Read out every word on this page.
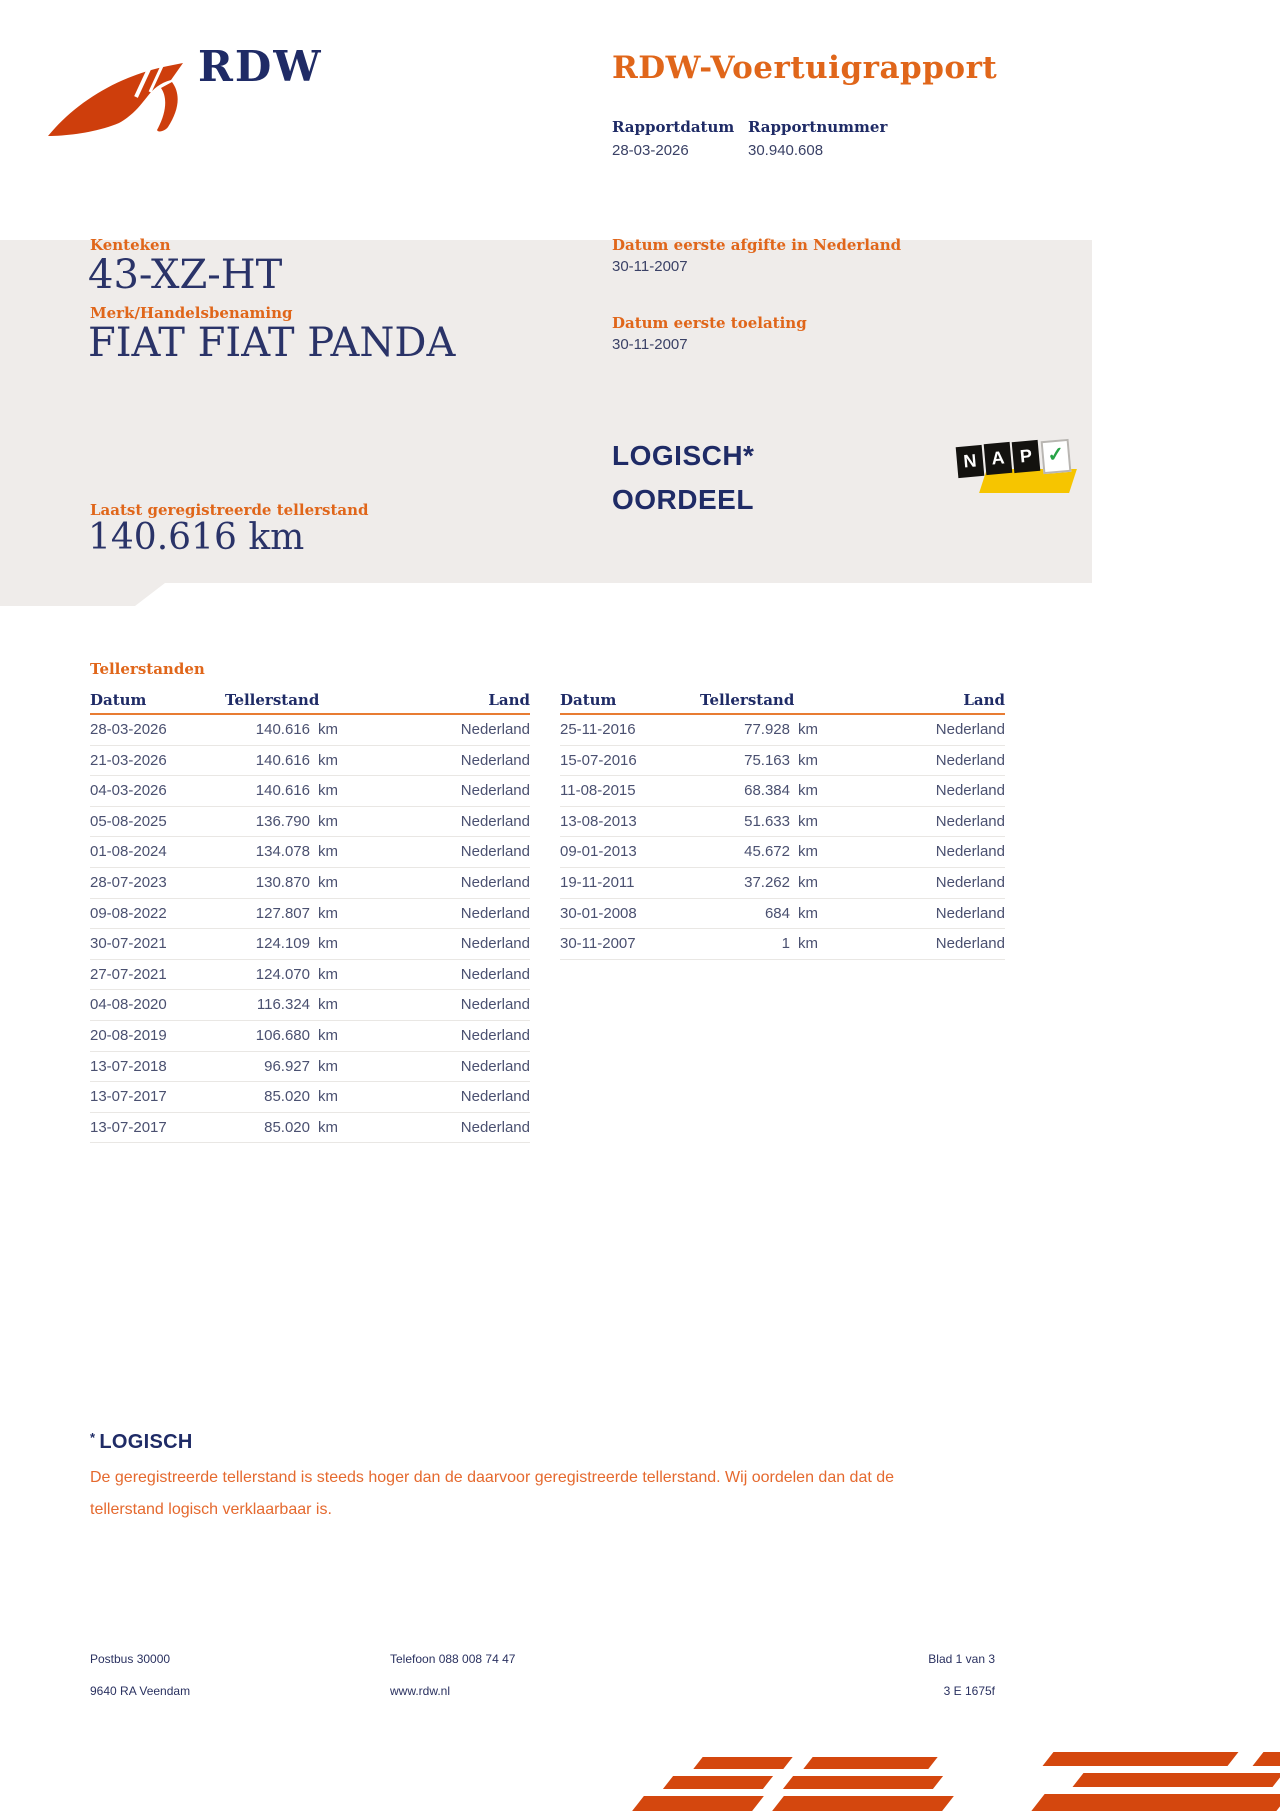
RDW	RDW-Voertuigrapport
Rapportdatum Rapportnummer
28-03-2026	30.940.608
Kenteken
43-XZ-HT
Merk/Handelsbenaming
FIAT FIAT PANDA
Laatst geregistreerde tellerstand
140.616 km
Datum eerste afgifte in Nederland
30-11-2007
Datum eerste toelating
30-11-2007
LOGISCH*
OORDEEL
N A P ✓
Tellerstanden
Datum	Tellerstand	Land
28-03-2026	140.616 km	Nederland
21-03-2026	140.616 km	Nederland
04-03-2026	140.616 km	Nederland
05-08-2025	136.790 km	Nederland
01-08-2024	134.078 km	Nederland
28-07-2023	130.870 km	Nederland
09-08-2022	127.807 km	Nederland
30-07-2021	124.109 km	Nederland
27-07-2021	124.070 km	Nederland
04-08-2020	116.324 km	Nederland
20-08-2019	106.680 km	Nederland
13-07-2018	96.927 km	Nederland
13-07-2017	85.020 km	Nederland
13-07-2017	85.020 km	Nederland
Datum	Tellerstand	Land
25-11-2016	77.928 km	Nederland
15-07-2016	75.163 km	Nederland
11-08-2015	68.384 km	Nederland
13-08-2013	51.633 km	Nederland
09-01-2013	45.672 km	Nederland
19-11-2011	37.262 km	Nederland
30-01-2008	684 km	Nederland
30-11-2007	1 km	Nederland
* LOGISCH
De geregistreerde tellerstand is steeds hoger dan de daarvoor geregistreerde tellerstand. Wij oordelen dan dat de tellerstand logisch verklaarbaar is.
Postbus 30000
9640 RA Veendam
Telefoon 088 008 74 47
www.rdw.nl
Blad 1 van 3
3 E 1675f
